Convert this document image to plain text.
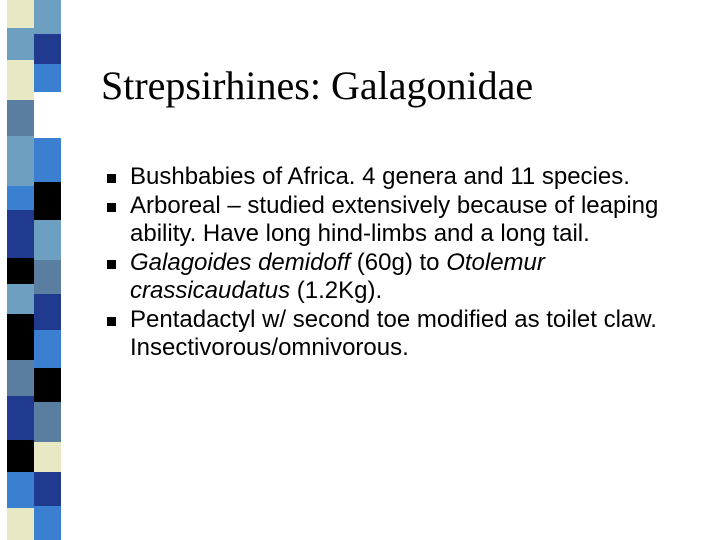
Strepsirhines: Galagonidae
Bushbabies of Africa. 4 genera and 11 species.
Arboreal – studied extensively because of leaping ability. Have long hind-limbs and a long tail.
Galagoides demidoff (60g) to Otolemur crassicaudatus (1.2Kg).
Pentadactyl w/ second toe modified as toilet claw. Insectivorous/omnivorous.
